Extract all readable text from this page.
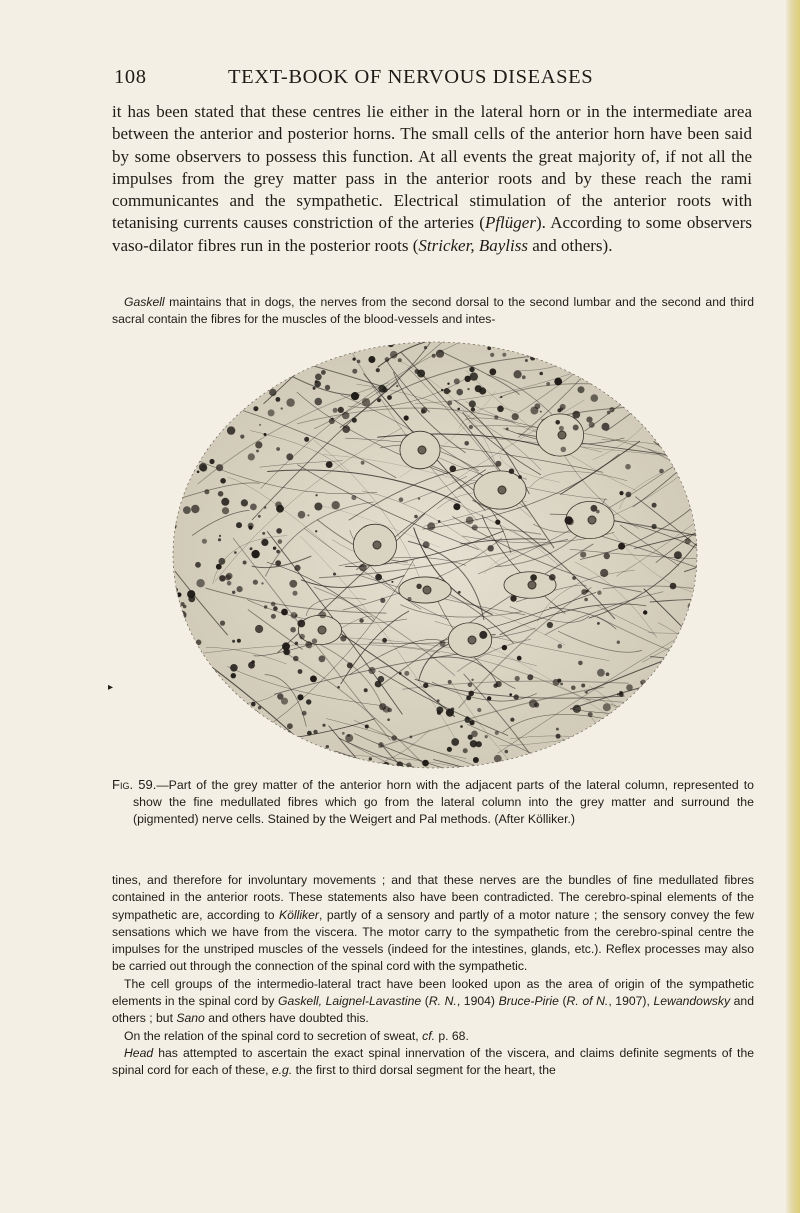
108	TEXT-BOOK OF NERVOUS DISEASES

it has been stated that these centres lie either in the lateral horn or in the intermediate area between the anterior and posterior horns. The small cells of the anterior horn have been said by some observers to possess this function. At all events the great majority of, if not all the impulses from the grey matter pass in the anterior roots and by these reach the rami communicantes and the sympathetic. Electrical stimulation of the anterior roots with tetanising currents causes constriction of the arteries (Pflüger). According to some observers vaso-dilator fibres run in the posterior roots (Stricker, Bayliss and others).

Gaskell maintains that in dogs, the nerves from the second dorsal to the second lumbar and the second and third sacral contain the fibres for the muscles of the blood-vessels and intes-

▸

Fig. 59.—Part of the grey matter of the anterior horn with the adjacent parts of the lateral column, represented to show the fine medullated fibres which go from the lateral column into the grey matter and surround the (pigmented) nerve cells. Stained by the Weigert and Pal methods. (After Kölliker.)

tines, and therefore for involuntary movements ; and that these nerves are the bundles of fine medullated fibres contained in the anterior roots. These statements also have been contradicted. The cerebro-spinal elements of the sympathetic are, according to Kölliker, partly of a sensory and partly of a motor nature ; the sensory convey the few sensations which we have from the viscera. The motor carry to the sympathetic from the cerebro-spinal centre the impulses for the unstriped muscles of the vessels (indeed for the intestines, glands, etc.). Reflex processes may also be carried out through the connection of the spinal cord with the sympathetic.

The cell groups of the intermedio-lateral tract have been looked upon as the area of origin of the sympathetic elements in the spinal cord by Gaskell, Laignel-Lavastine (R. N., 1904) Bruce-Pirie (R. of N., 1907), Lewandowsky and others ; but Sano and others have doubted this.

On the relation of the spinal cord to secretion of sweat, cf. p. 68.

Head has attempted to ascertain the exact spinal innervation of the viscera, and claims definite segments of the spinal cord for each of these, e.g. the first to third dorsal segment for the heart, the
